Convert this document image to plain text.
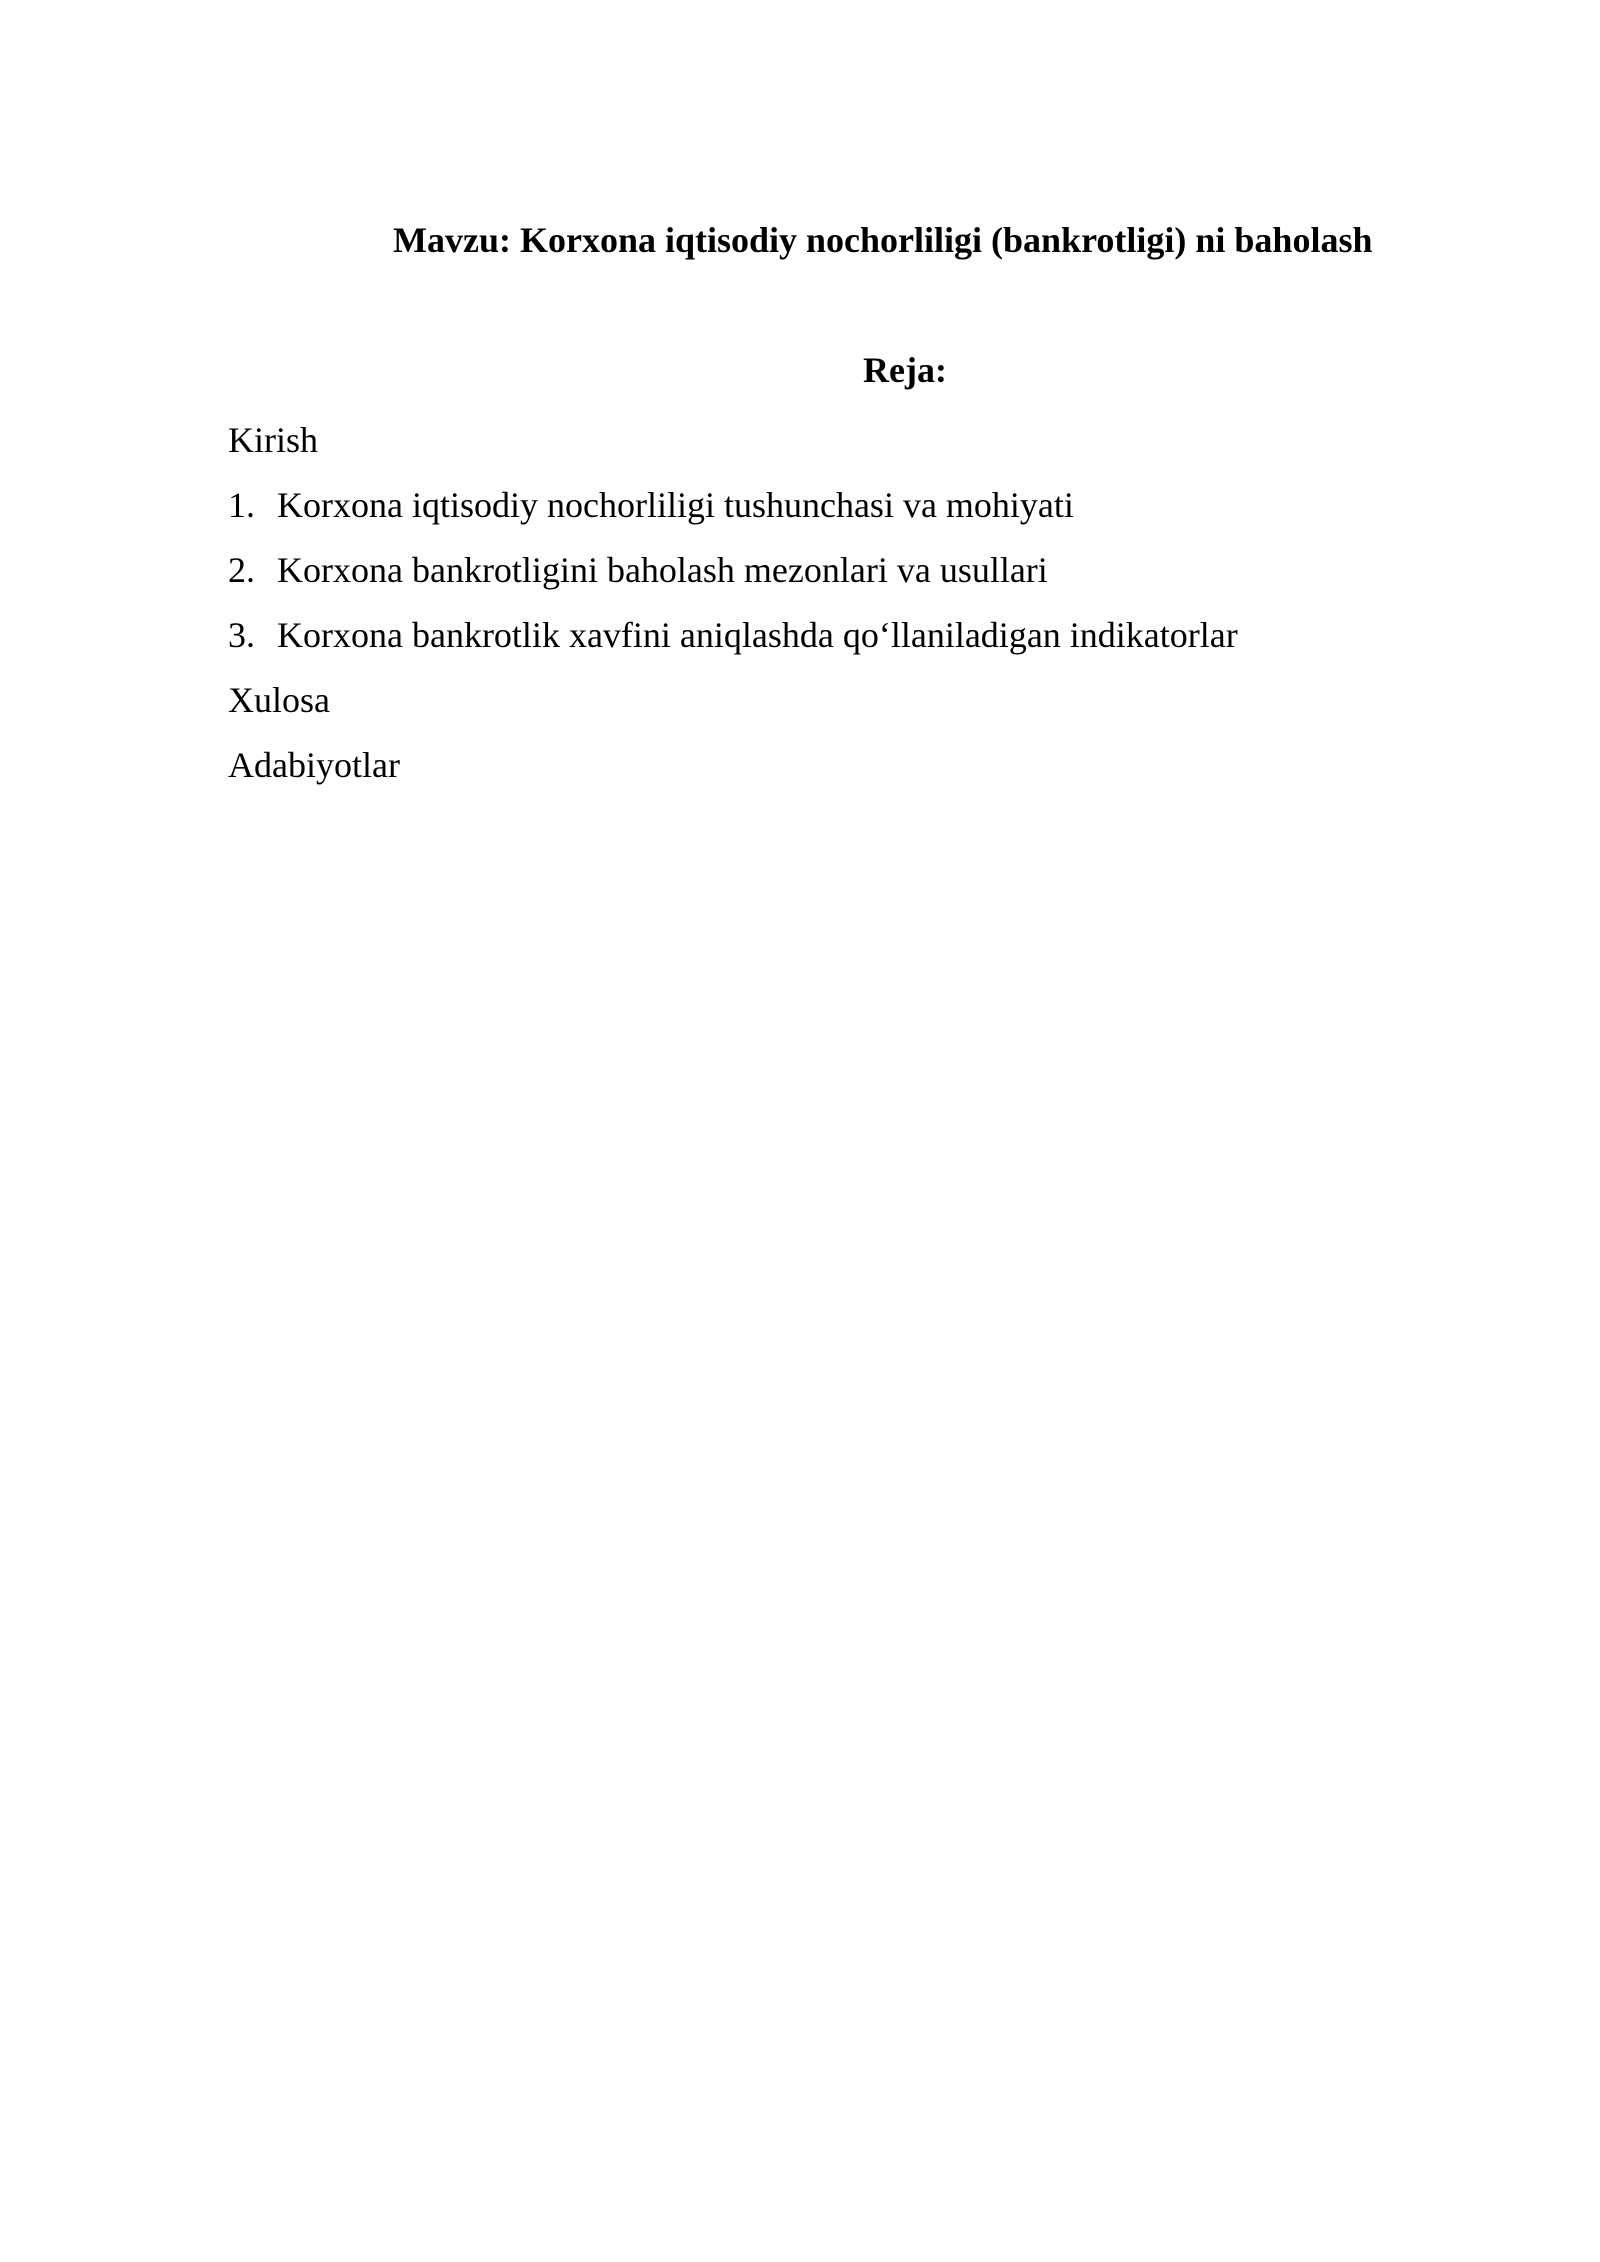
Mavzu: Korxona iqtisodiy nochorliligi (bankrotligi) ni baholash
Reja:
Kirish
1. Korxona iqtisodiy nochorliligi tushunchasi va mohiyati
2. Korxona bankrotligini baholash mezonlari va usullari
3. Korxona bankrotlik xavfini aniqlashda qo‘llaniladigan indikatorlar
Xulosa
Adabiyotlar
